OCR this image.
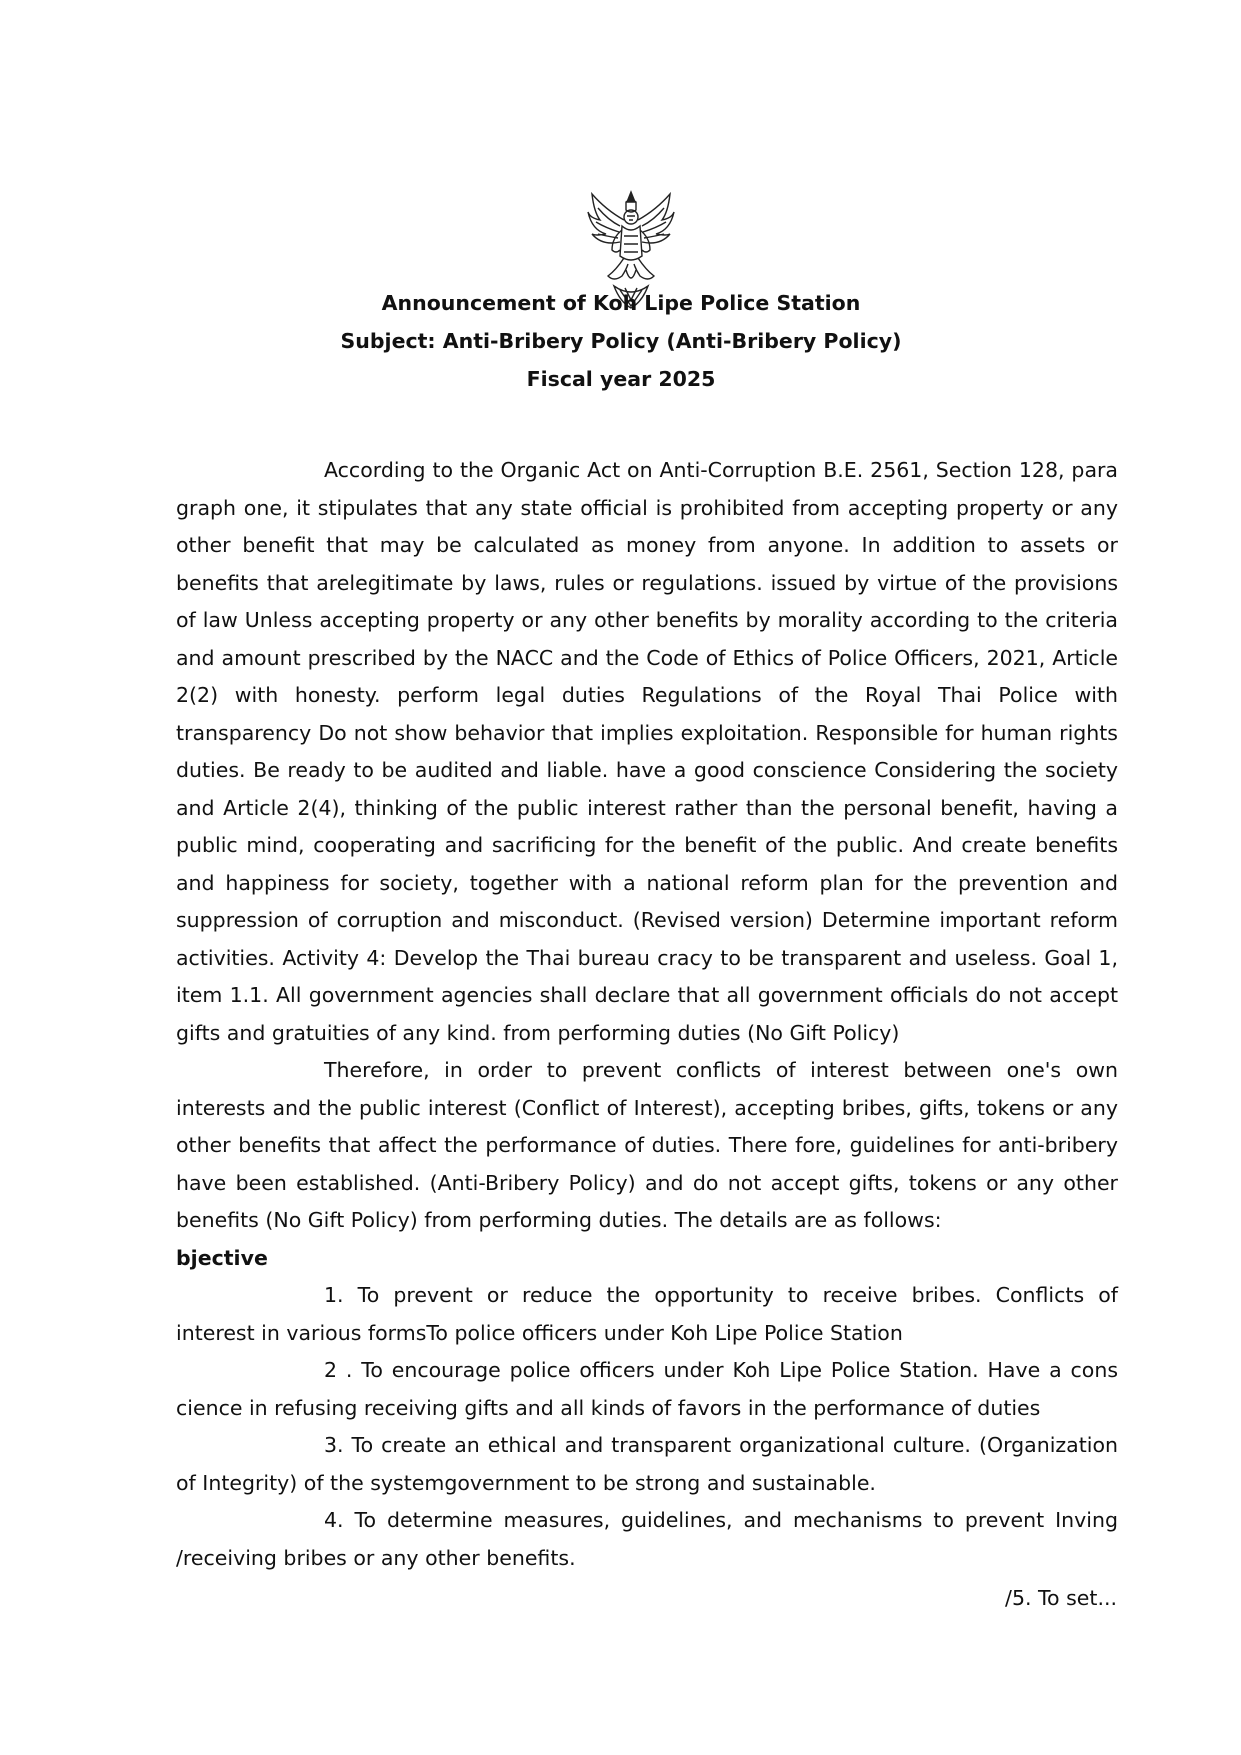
Announcement of Koh Lipe Police Station
Subject: Anti-Bribery Policy (Anti-Bribery Policy)
Fiscal year 2025

According to the Organic Act on Anti-Corruption B.E. 2561, Section 128, para graph one, it stipulates that any state official is prohibited from accepting property or any other benefit that may be calculated as money from anyone. In addition to assets or benefits that arelegitimate by laws, rules or regulations. issued by virtue of the provisions of law Unless accepting property or any other benefits by morality according to the criteria and amount prescribed by the NACC and the Code of Ethics of Police Officers, 2021, Article 2(2) with honesty. perform legal duties Regulations of the Royal Thai Police with transparency Do not show behavior that implies exploitation. Responsible for human rights duties. Be ready to be audited and liable. have a good conscience Considering the society and Article 2(4), thinking of the public interest rather than the personal benefit, having a public mind, cooperating and sacrificing for the benefit of the public. And create benefits and happiness for society, together with a national reform plan for the prevention and suppression of corruption and misconduct. (Revised version) Determine important reform activities. Activity 4: Develop the Thai bureau cracy to be transparent and useless. Goal 1, item 1.1. All government agencies shall declare that all government officials do not accept gifts and gratuities of any kind. from performing duties (No Gift Policy)

Therefore, in order to prevent conflicts of interest between one's own interests and the public interest (Conflict of Interest), accepting bribes, gifts, tokens or any other benefits that affect the performance of duties. There fore, guidelines for anti-bribery have been established. (Anti-Bribery Policy) and do not accept gifts, tokens or any other benefits (No Gift Policy) from performing duties. The details are as follows:

bjective

1. To prevent or reduce the opportunity to receive bribes. Conflicts of interest in various formsTo police officers under Koh Lipe Police Station

2 . To encourage police officers under Koh Lipe Police Station. Have a cons cience in refusing receiving gifts and all kinds of favors in the performance of duties

3. To create an ethical and transparent organizational culture. (Organization of Integrity) of the systemgovernment to be strong and sustainable.

4. To determine measures, guidelines, and mechanisms to prevent Inving /receiving bribes or any other benefits.

/5. To set...
